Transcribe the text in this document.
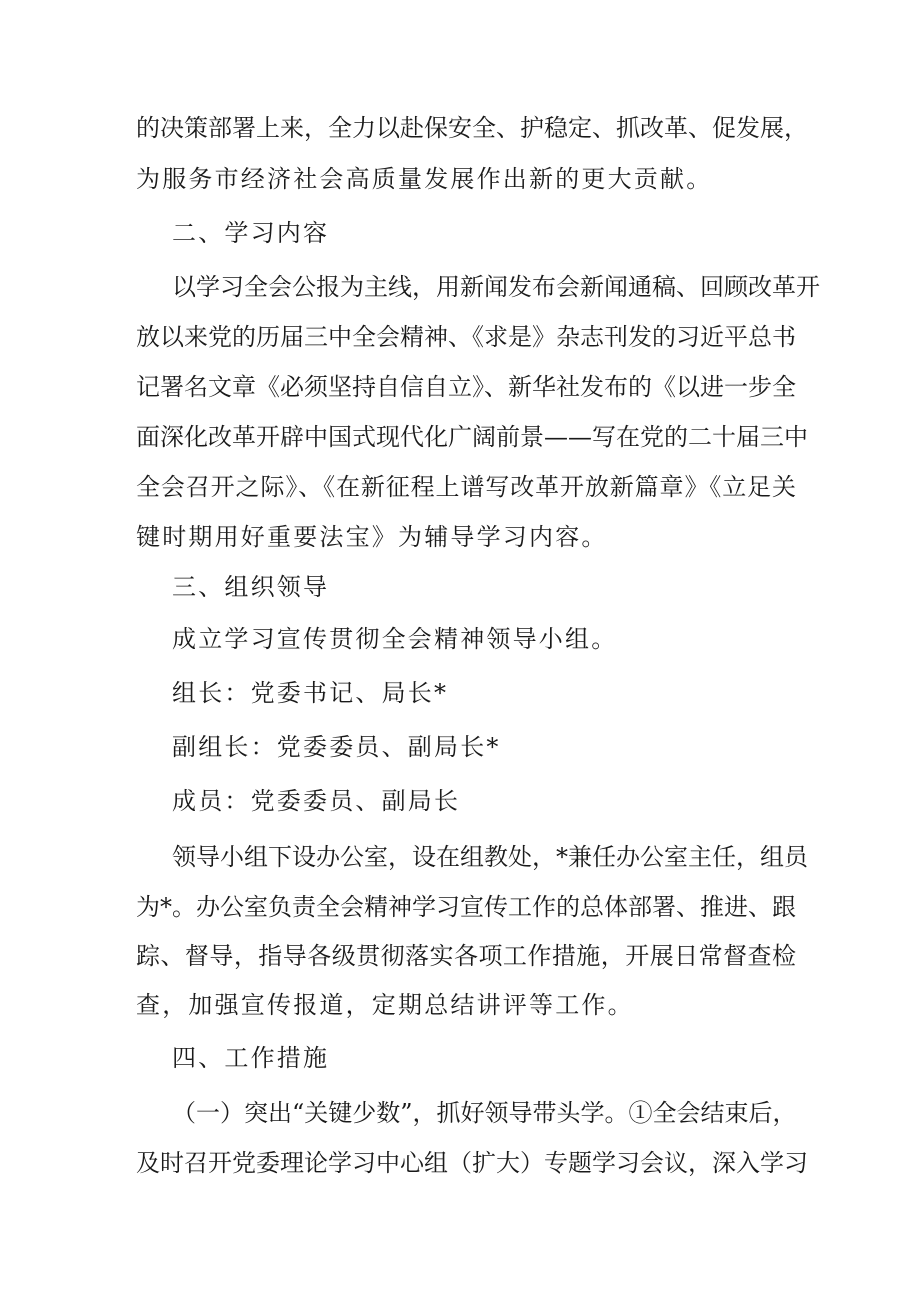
的决策部署上来，全力以赴保安全、护稳定、抓改革、促发展，
为服务市经济社会高质量发展作出新的更大贡献。
二、学习内容
以学习全会公报为主线，用新闻发布会新闻通稿、回顾改革开
放以来党的历届三中全会精神、《求是》杂志刊发的习近平总书
记署名文章《必须坚持自信自立》、新华社发布的《以进一步全
面深化改革开辟中国式现代化广阔前景——写在党的二十届三中
全会召开之际》、《在新征程上谱写改革开放新篇章》《立足关
键时期用好重要法宝》为辅导学习内容。
三、组织领导
成立学习宣传贯彻全会精神领导小组。
组长：党委书记、局长*
副组长：党委委员、副局长*
成员：党委委员、副局长
领导小组下设办公室，设在组教处，*兼任办公室主任，组员
为*。办公室负责全会精神学习宣传工作的总体部署、推进、跟
踪、督导，指导各级贯彻落实各项工作措施，开展日常督查检
查，加强宣传报道，定期总结讲评等工作。
四、工作措施
（一）突出“关键少数”，抓好领导带头学。①全会结束后，
及时召开党委理论学习中心组（扩大）专题学习会议，深入学习
